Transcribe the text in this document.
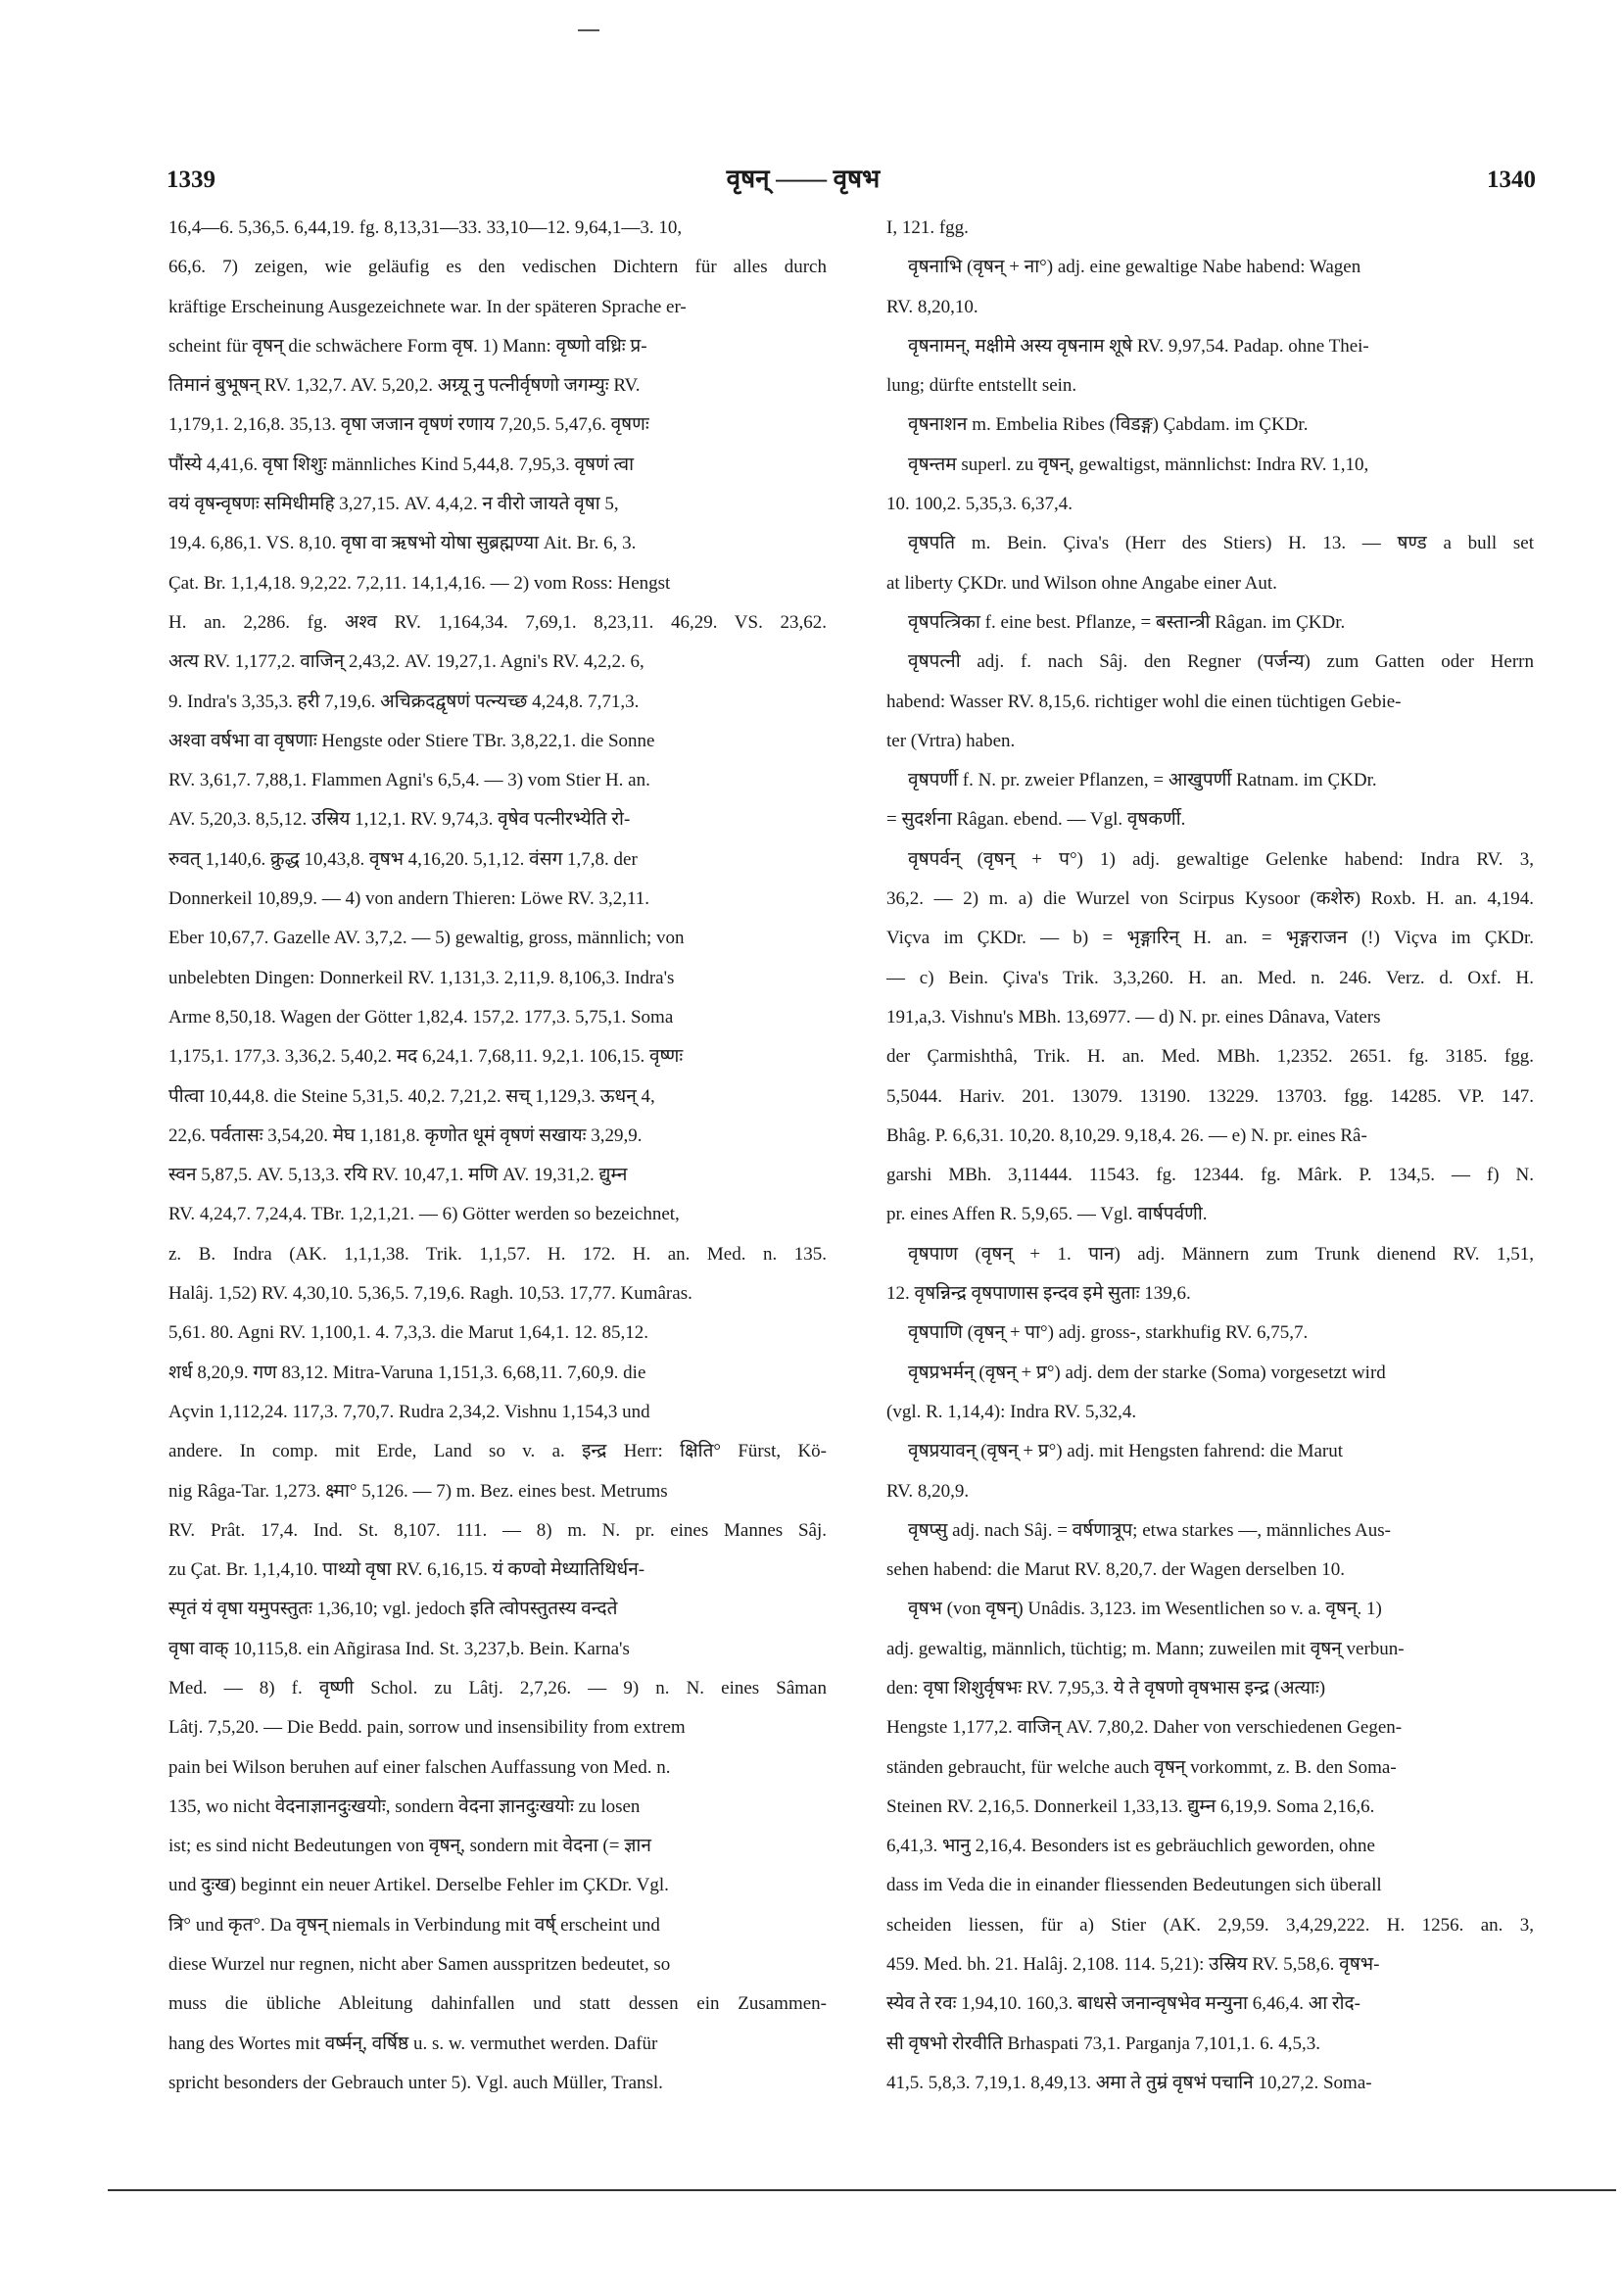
1339	वृषन् —— वृषभ	1340
16,4—6. 5,36,5. 6,44,19. fg. 8,13,31—33. 33,10—12. 9,64,1—3. 10,
66,6. 7) zeigen, wie geläufig es den vedischen Dichtern für alles durch
kräftige Erscheinung Ausgezeichnete war. In der späteren Sprache er-
scheint für वृषन् die schwächere Form वृष. 1) Mann: वृष्णो वध्रिः प्र-
तिमानं बुभूषन् RV. 1,32,7. AV. 5,20,2. अग्र्यू नु पत्नीर्वृषणो जगम्युः RV.
1,179,1. 2,16,8. 35,13. वृषा जजान वृषणं रणाय 7,20,5. 5,47,6. वृषणः
पौंस्ये 4,41,6. वृषा शिशुः männliches Kind 5,44,8. 7,95,3. वृषणं त्वा
वयं वृषन्वृषणः समिधीमहि 3,27,15. AV. 4,4,2. न वीरो जायते वृषा 5,
19,4. 6,86,1. VS. 8,10. वृषा वा ऋषभो योषा सुब्रह्मण्या Ait. Br. 6, 3.
Çat. Br. 1,1,4,18. 9,2,22. 7,2,11. 14,1,4,16. — 2) vom Ross: Hengst
H. an. 2,286. fg. अश्व RV. 1,164,34. 7,69,1. 8,23,11. 46,29. VS. 23,62.
अत्य RV. 1,177,2. वाजिन् 2,43,2. AV. 19,27,1. Agni's RV. 4,2,2. 6,
9. Indra's 3,35,3. हरी 7,19,6. अचिक्रदद्वृषणं पत्न्यच्छ 4,24,8. 7,71,3.
अश्वा वर्षभा वा वृषणाः Hengste oder Stiere TBr. 3,8,22,1. die Sonne
RV. 3,61,7. 7,88,1. Flammen Agni's 6,5,4. — 3) vom Stier H. an.
AV. 5,20,3. 8,5,12. उस्रिय 1,12,1. RV. 9,74,3. वृषेव पत्नीरभ्येति रो-
रुवत् 1,140,6. क्रुद्ध 10,43,8. वृषभ 4,16,20. 5,1,12. वंसग 1,7,8. der
Donnerkeil 10,89,9. — 4) von andern Thieren: Löwe RV. 3,2,11.
Eber 10,67,7. Gazelle AV. 3,7,2. — 5) gewaltig, gross, männlich; von
unbelebten Dingen: Donnerkeil RV. 1,131,3. 2,11,9. 8,106,3. Indra's
Arme 8,50,18. Wagen der Götter 1,82,4. 157,2. 177,3. 5,75,1. Soma
1,175,1. 177,3. 3,36,2. 5,40,2. मद 6,24,1. 7,68,11. 9,2,1. 106,15. वृष्णः
पीत्वा 10,44,8. die Steine 5,31,5. 40,2. 7,21,2. सच् 1,129,3. ऊधन् 4,
22,6. पर्वतासः 3,54,20. मेघ 1,181,8. कृणोत धूमं वृषणं सखायः 3,29,9.
स्वन 5,87,5. AV. 5,13,3. रयि RV. 10,47,1. मणि AV. 19,31,2. द्युम्न
RV. 4,24,7. 7,24,4. TBr. 1,2,1,21. — 6) Götter werden so bezeichnet,
z. B. Indra (AK. 1,1,1,38. Trik. 1,1,57. H. 172. H. an. Med. n. 135.
Halâj. 1,52) RV. 4,30,10. 5,36,5. 7,19,6. Ragh. 10,53. 17,77. Kumâras.
5,61. 80. Agni RV. 1,100,1. 4. 7,3,3. die Marut 1,64,1. 12. 85,12.
शर्ध 8,20,9. गण 83,12. Mitra-Varuna 1,151,3. 6,68,11. 7,60,9. die
Açvin 1,112,24. 117,3. 7,70,7. Rudra 2,34,2. Vishnu 1,154,3 und
andere. In comp. mit Erde, Land so v. a. इन्द्र Herr: क्षिति° Fürst, Kö-
nig Râga-Tar. 1,273. क्ष्मा° 5,126. — 7) m. Bez. eines best. Metrums
RV. Prât. 17,4. Ind. St. 8,107. 111. — 8) m. N. pr. eines Mannes Sâj.
zu Çat. Br. 1,1,4,10. पाथ्यो वृषा RV. 6,16,15. यं कण्वो मेध्यातिथिर्धन-
स्पृतं यं वृषा यमुपस्तुतः 1,36,10; vgl. jedoch इति त्वोपस्तुतस्य वन्दते
वृषा वाक् 10,115,8. ein Añgirasa Ind. St. 3,237,b. Bein. Karna's
Med. — 8) f. वृष्णी Schol. zu Lâtj. 2,7,26. — 9) n. N. eines Sâman
Lâtj. 7,5,20. — Die Bedd. pain, sorrow und insensibility from extrem
pain bei Wilson beruhen auf einer falschen Auffassung von Med. n.
135, wo nicht वेदनाज्ञानदुःखयोः, sondern वेदना ज्ञानदुःखयोः zu losen
ist; es sind nicht Bedeutungen von वृषन्, sondern mit वेदना (= ज्ञान
und दुःख) beginnt ein neuer Artikel. Derselbe Fehler im ÇKDr. Vgl.
त्रि° und कृत°. Da वृषन् niemals in Verbindung mit वर्ष् erscheint und
diese Wurzel nur regnen, nicht aber Samen ausspritzen bedeutet, so
muss die übliche Ableitung dahinfallen und statt dessen ein Zusammen-
hang des Wortes mit वर्ष्मन्, वर्षिष्ठ u. s. w. vermuthet werden. Dafür
spricht besonders der Gebrauch unter 5). Vgl. auch Müller, Transl.
I, 121. fgg.
वृषनाभि (वृषन् + ना°) adj. eine gewaltige Nabe habend: Wagen
RV. 8,20,10.
वृषनामन्, मक्षीमे अस्य वृषनाम शूषे RV. 9,97,54. Padap. ohne Thei-
lung; dürfte entstellt sein.
वृषनाशन m. Embelia Ribes (विडङ्ग) Çabdam. im ÇKDr.
वृषन्तम superl. zu वृषन्, gewaltigst, männlichst: Indra RV. 1,10,
10. 100,2. 5,35,3. 6,37,4.
वृषपति m. Bein. Çiva's (Herr des Stiers) H. 13. — षण्ड a bull set
at liberty ÇKDr. und Wilson ohne Angabe einer Aut.
वृषपत्त्रिका f. eine best. Pflanze, = बस्तान्त्री Râgan. im ÇKDr.
वृषपत्नी adj. f. nach Sâj. den Regner (पर्जन्य) zum Gatten oder Herrn
habend: Wasser RV. 8,15,6. richtiger wohl die einen tüchtigen Gebie-
ter (Vrtra) haben.
वृषपर्णी f. N. pr. zweier Pflanzen, = आखुपर्णी Ratnam. im ÇKDr.
= सुदर्शना Râgan. ebend. — Vgl. वृषकर्णी.
वृषपर्वन् (वृषन् + प°) 1) adj. gewaltige Gelenke habend: Indra RV. 3,
36,2. — 2) m. a) die Wurzel von Scirpus Kysoor (कशेरु) Roxb. H. an. 4,194.
Viçva im ÇKDr. — b) = भृङ्गारिन् H. an. = भृङ्गराजन (!) Viçva im ÇKDr.
— c) Bein. Çiva's Trik. 3,3,260. H. an. Med. n. 246. Verz. d. Oxf. H.
191,a,3. Vishnu's MBh. 13,6977. — d) N. pr. eines Dânava, Vaters
der Çarmishthâ, Trik. H. an. Med. MBh. 1,2352. 2651. fg. 3185. fgg.
5,5044. Hariv. 201. 13079. 13190. 13229. 13703. fgg. 14285. VP. 147.
Bhâg. P. 6,6,31. 10,20. 8,10,29. 9,18,4. 26. — e) N. pr. eines Râ-
garshi MBh. 3,11444. 11543. fg. 12344. fg. Mârk. P. 134,5. — f) N.
pr. eines Affen R. 5,9,65. — Vgl. वार्षपर्वणी.
वृषपाण (वृषन् + 1. पान) adj. Männern zum Trunk dienend RV. 1,51,
12. वृषन्निन्द्र वृषपाणास इन्दव इमे सुताः 139,6.
वृषपाणि (वृषन् + पा°) adj. gross-, starkhufig RV. 6,75,7.
वृषप्रभर्मन् (वृषन् + प्र°) adj. dem der starke (Soma) vorgesetzt wird
(vgl. R. 1,14,4): Indra RV. 5,32,4.
वृषप्रयावन् (वृषन् + प्र°) adj. mit Hengsten fahrend: die Marut
RV. 8,20,9.
वृषप्सु adj. nach Sâj. = वर्षणात्रूप; etwa starkes —, männliches Aus-
sehen habend: die Marut RV. 8,20,7. der Wagen derselben 10.
वृषभ (von वृषन्) Unâdis. 3,123. im Wesentlichen so v. a. वृषन्. 1)
adj. gewaltig, männlich, tüchtig; m. Mann; zuweilen mit वृषन् verbun-
den: वृषा शिशुर्वृषभः RV. 7,95,3. ये ते वृषणो वृषभास इन्द्र (अत्याः)
Hengste 1,177,2. वाजिन् AV. 7,80,2. Daher von verschiedenen Gegen-
ständen gebraucht, für welche auch वृषन् vorkommt, z. B. den Soma-
Steinen RV. 2,16,5. Donnerkeil 1,33,13. द्युम्न 6,19,9. Soma 2,16,6.
6,41,3. भानु 2,16,4. Besonders ist es gebräuchlich geworden, ohne
dass im Veda die in einander fliessenden Bedeutungen sich überall
scheiden liessen, für a) Stier (AK. 2,9,59. 3,4,29,222. H. 1256. an. 3,
459. Med. bh. 21. Halâj. 2,108. 114. 5,21): उस्रिय RV. 5,58,6. वृषभ-
स्येव ते रवः 1,94,10. 160,3. बाधसे जनान्वृषभेव मन्युना 6,46,4. आ रोद-
सी वृषभो रोरवीति Brhaspati 73,1. Parganja 7,101,1. 6. 4,5,3.
41,5. 5,8,3. 7,19,1. 8,49,13. अमा ते तुम्रं वृषभं पचानि 10,27,2. Soma-
